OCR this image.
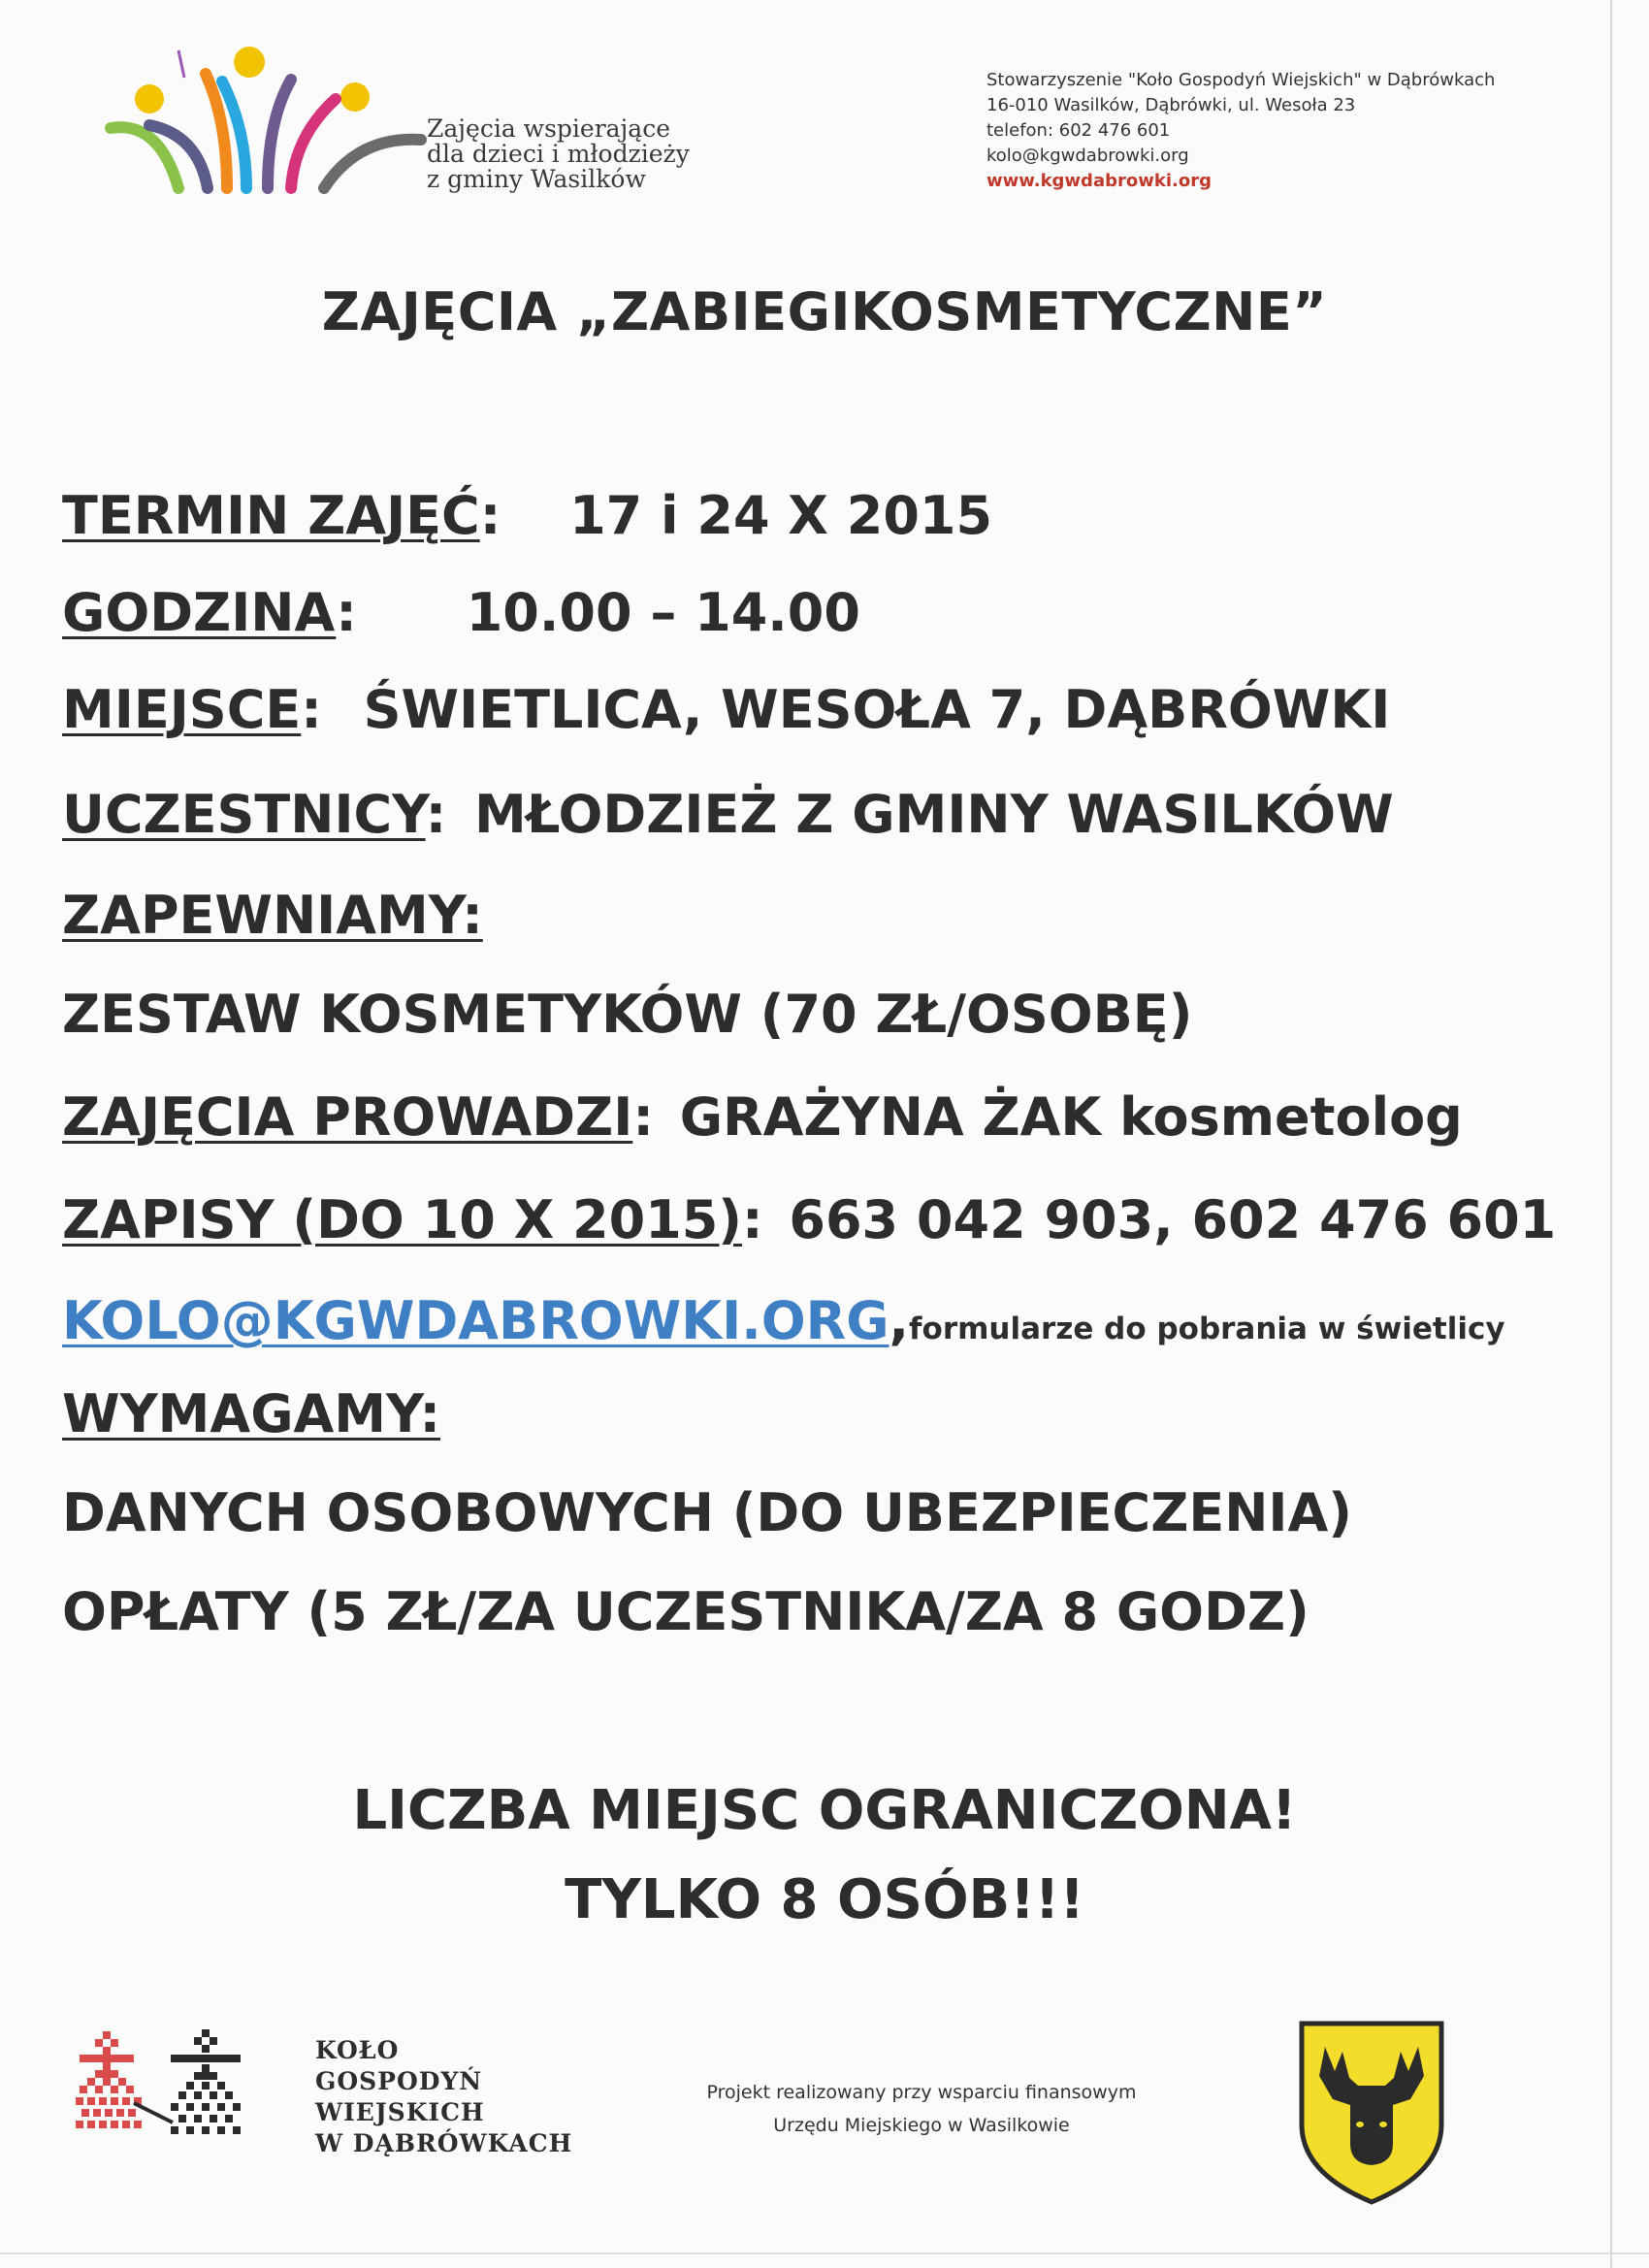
Zajęcia wspierające
dla dzieci i młodzieży
z gminy Wasilków
Stowarzyszenie "Koło Gospodyń Wiejskich" w Dąbrówkach
16-010 Wasilków, Dąbrówki, ul. Wesoła 23
telefon: 602 476 601
kolo@kgwdabrowki.org
www.kgwdabrowki.org
ZAJĘCIA „ZABIEGIKOSMETYCZNE”
TERMIN ZAJĘĆ: 17 i 24 X 2015
GODZINA: 10.00 – 14.00
MIEJSCE: ŚWIETLICA, WESOŁA 7, DĄBRÓWKI
UCZESTNICY: MŁODZIEŻ Z GMINY WASILKÓW
ZAPEWNIAMY:
ZESTAW KOSMETYKÓW (70 ZŁ/OSOBĘ)
ZAJĘCIA PROWADZI: GRAŻYNA ŻAK kosmetolog
ZAPISY (DO 10 X 2015): 663 042 903, 602 476 601
KOLO@KGWDABROWKI.ORG,formularze do pobrania w świetlicy
WYMAGAMY:
DANYCH OSOBOWYCH (DO UBEZPIECZENIA)
OPŁATY (5 ZŁ/ZA UCZESTNIKA/ZA 8 GODZ)
LICZBA MIEJSC OGRANICZONA!
TYLKO 8 OSÓB!!!
KOŁO
GOSPODYŃ
WIEJSKICH
W DĄBRÓWKACH
Projekt realizowany przy wsparciu finansowym
Urzędu Miejskiego w Wasilkowie
